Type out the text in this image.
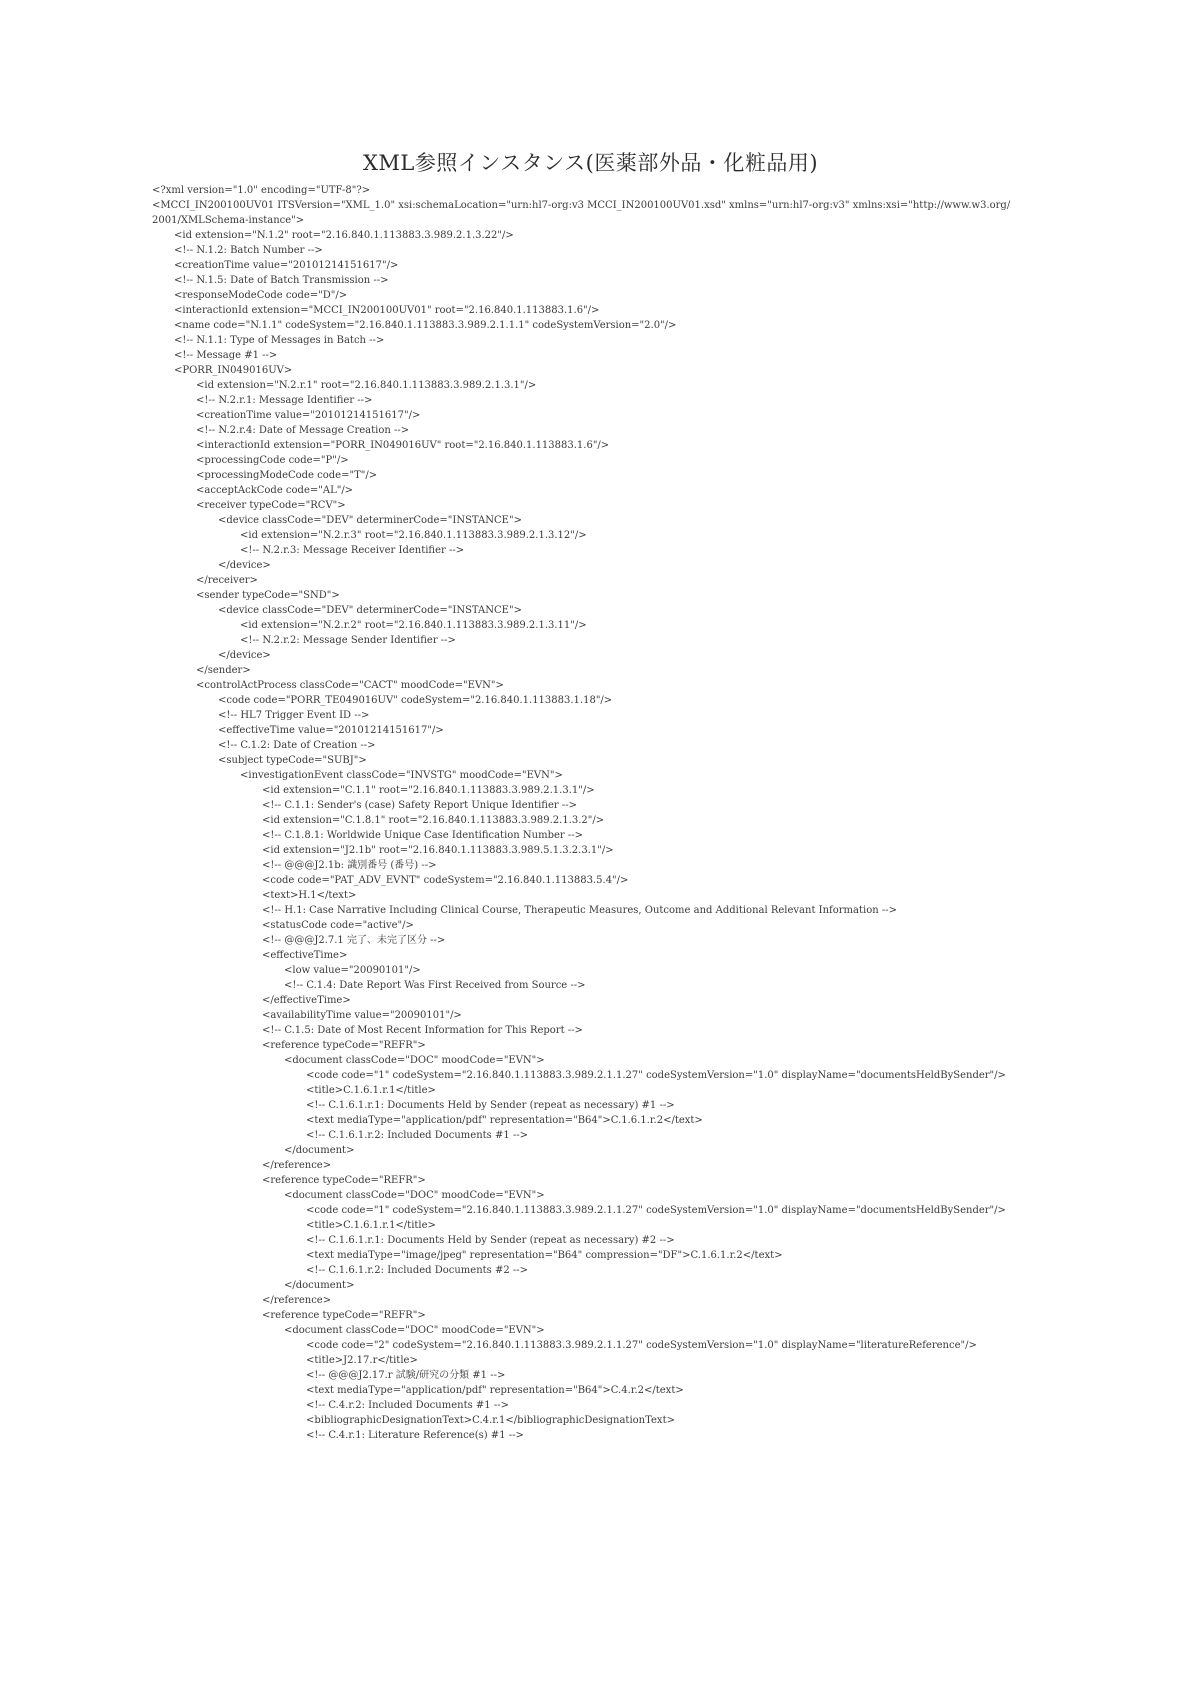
XML参照インスタンス(医薬部外品・化粧品用)
<?xml version="1.0" encoding="UTF-8"?>
<MCCI_IN200100UV01 ITSVersion="XML_1.0" xsi:schemaLocation="urn:hl7-org:v3 MCCI_IN200100UV01.xsd" xmlns="urn:hl7-org:v3" xmlns:xsi="http://www.w3.org/
2001/XMLSchema-instance">
<id extension="N.1.2" root="2.16.840.1.113883.3.989.2.1.3.22"/>
<!-- N.1.2: Batch Number -->
<creationTime value="20101214151617"/>
<!-- N.1.5: Date of Batch Transmission -->
<responseModeCode code="D"/>
<interactionId extension="MCCI_IN200100UV01" root="2.16.840.1.113883.1.6"/>
<name code="N.1.1" codeSystem="2.16.840.1.113883.3.989.2.1.1.1" codeSystemVersion="2.0"/>
<!-- N.1.1: Type of Messages in Batch -->
<!-- Message #1 -->
<PORR_IN049016UV>
<id extension="N.2.r.1" root="2.16.840.1.113883.3.989.2.1.3.1"/>
<!-- N.2.r.1: Message Identifier -->
<creationTime value="20101214151617"/>
<!-- N.2.r.4: Date of Message Creation -->
<interactionId extension="PORR_IN049016UV" root="2.16.840.1.113883.1.6"/>
<processingCode code="P"/>
<processingModeCode code="T"/>
<acceptAckCode code="AL"/>
<receiver typeCode="RCV">
<device classCode="DEV" determinerCode="INSTANCE">
<id extension="N.2.r.3" root="2.16.840.1.113883.3.989.2.1.3.12"/>
<!-- N.2.r.3: Message Receiver Identifier -->
</device>
</receiver>
<sender typeCode="SND">
<device classCode="DEV" determinerCode="INSTANCE">
<id extension="N.2.r.2" root="2.16.840.1.113883.3.989.2.1.3.11"/>
<!-- N.2.r.2: Message Sender Identifier -->
</device>
</sender>
<controlActProcess classCode="CACT" moodCode="EVN">
<code code="PORR_TE049016UV" codeSystem="2.16.840.1.113883.1.18"/>
<!-- HL7 Trigger Event ID -->
<effectiveTime value="20101214151617"/>
<!-- C.1.2: Date of Creation -->
<subject typeCode="SUBJ">
<investigationEvent classCode="INVSTG" moodCode="EVN">
<id extension="C.1.1" root="2.16.840.1.113883.3.989.2.1.3.1"/>
<!-- C.1.1: Sender's (case) Safety Report Unique Identifier -->
<id extension="C.1.8.1" root="2.16.840.1.113883.3.989.2.1.3.2"/>
<!-- C.1.8.1: Worldwide Unique Case Identification Number -->
<id extension="J2.1b" root="2.16.840.1.113883.3.989.5.1.3.2.3.1"/>
<!-- @@@J2.1b: 識別番号 (番号) -->
<code code="PAT_ADV_EVNT" codeSystem="2.16.840.1.113883.5.4"/>
<text>H.1</text>
<!-- H.1: Case Narrative Including Clinical Course, Therapeutic Measures, Outcome and Additional Relevant Information -->
<statusCode code="active"/>
<!-- @@@J2.7.1 完了、未完了区分 -->
<effectiveTime>
<low value="20090101"/>
<!-- C.1.4: Date Report Was First Received from Source -->
</effectiveTime>
<availabilityTime value="20090101"/>
<!-- C.1.5: Date of Most Recent Information for This Report -->
<reference typeCode="REFR">
<document classCode="DOC" moodCode="EVN">
<code code="1" codeSystem="2.16.840.1.113883.3.989.2.1.1.27" codeSystemVersion="1.0" displayName="documentsHeldBySender"/>
<title>C.1.6.1.r.1</title>
<!-- C.1.6.1.r.1: Documents Held by Sender (repeat as necessary) #1 -->
<text mediaType="application/pdf" representation="B64">C.1.6.1.r.2</text>
<!-- C.1.6.1.r.2: Included Documents #1 -->
</document>
</reference>
<reference typeCode="REFR">
<document classCode="DOC" moodCode="EVN">
<code code="1" codeSystem="2.16.840.1.113883.3.989.2.1.1.27" codeSystemVersion="1.0" displayName="documentsHeldBySender"/>
<title>C.1.6.1.r.1</title>
<!-- C.1.6.1.r.1: Documents Held by Sender (repeat as necessary) #2 -->
<text mediaType="image/jpeg" representation="B64" compression="DF">C.1.6.1.r.2</text>
<!-- C.1.6.1.r.2: Included Documents #2 -->
</document>
</reference>
<reference typeCode="REFR">
<document classCode="DOC" moodCode="EVN">
<code code="2" codeSystem="2.16.840.1.113883.3.989.2.1.1.27" codeSystemVersion="1.0" displayName="literatureReference"/>
<title>J2.17.r</title>
<!-- @@@J2.17.r 試験/研究の分類 #1 -->
<text mediaType="application/pdf" representation="B64">C.4.r.2</text>
<!-- C.4.r.2: Included Documents #1 -->
<bibliographicDesignationText>C.4.r.1</bibliographicDesignationText>
<!-- C.4.r.1: Literature Reference(s) #1 -->
